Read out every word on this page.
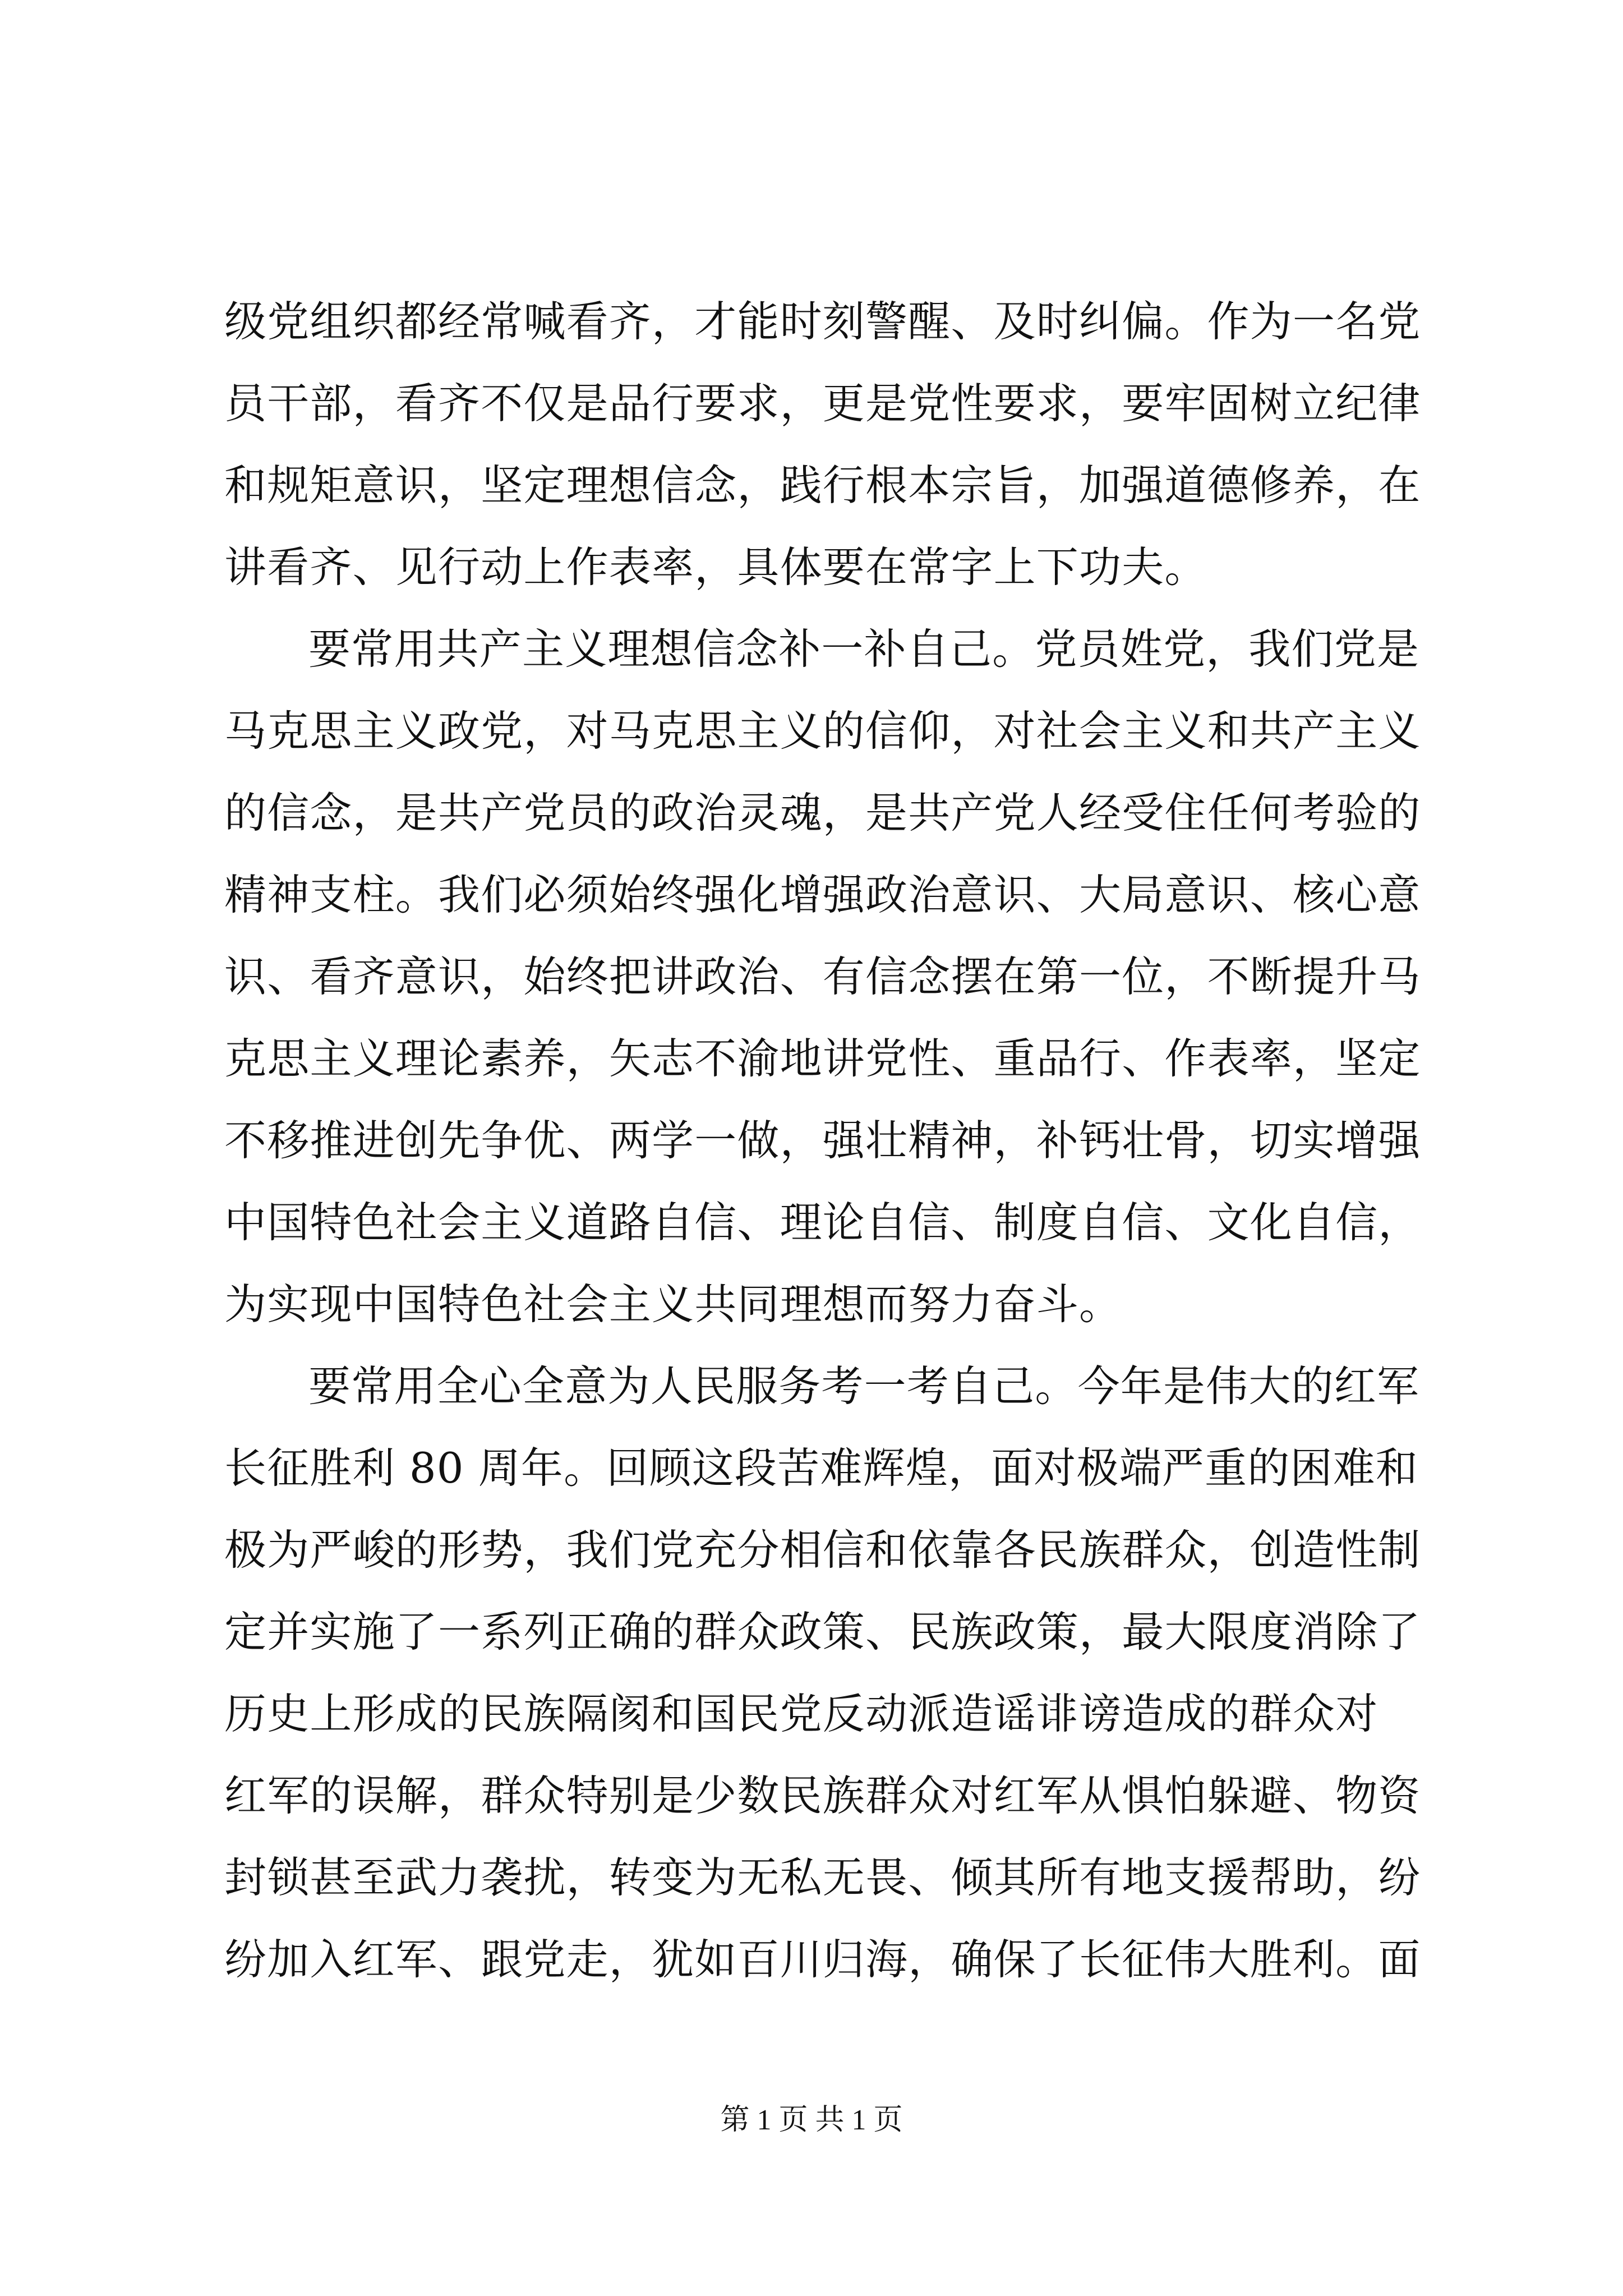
级党组织都经常喊看齐，才能时刻警醒、及时纠偏。作为一名党
员干部，看齐不仅是品行要求，更是党性要求，要牢固树立纪律
和规矩意识，坚定理想信念，践行根本宗旨，加强道德修养，在
讲看齐、见行动上作表率，具体要在常字上下功夫。
要常用共产主义理想信念补一补自己。党员姓党，我们党是
马克思主义政党，对马克思主义的信仰，对社会主义和共产主义
的信念，是共产党员的政治灵魂，是共产党人经受住任何考验的
精神支柱。我们必须始终强化增强政治意识、大局意识、核心意
识、看齐意识，始终把讲政治、有信念摆在第一位，不断提升马
克思主义理论素养，矢志不渝地讲党性、重品行、作表率，坚定
不移推进创先争优、两学一做，强壮精神，补钙壮骨，切实增强
中国特色社会主义道路自信、理论自信、制度自信、文化自信，
为实现中国特色社会主义共同理想而努力奋斗。
要常用全心全意为人民服务考一考自己。今年是伟大的红军
长征胜利 80 周年。回顾这段苦难辉煌，面对极端严重的困难和
极为严峻的形势，我们党充分相信和依靠各民族群众，创造性制
定并实施了一系列正确的群众政策、民族政策，最大限度消除了
历史上形成的民族隔阂和国民党反动派造谣诽谤造成的群众对
红军的误解，群众特别是少数民族群众对红军从惧怕躲避、物资
封锁甚至武力袭扰，转变为无私无畏、倾其所有地支援帮助，纷
纷加入红军、跟党走，犹如百川归海，确保了长征伟大胜利。面
第 1 页 共 1 页
